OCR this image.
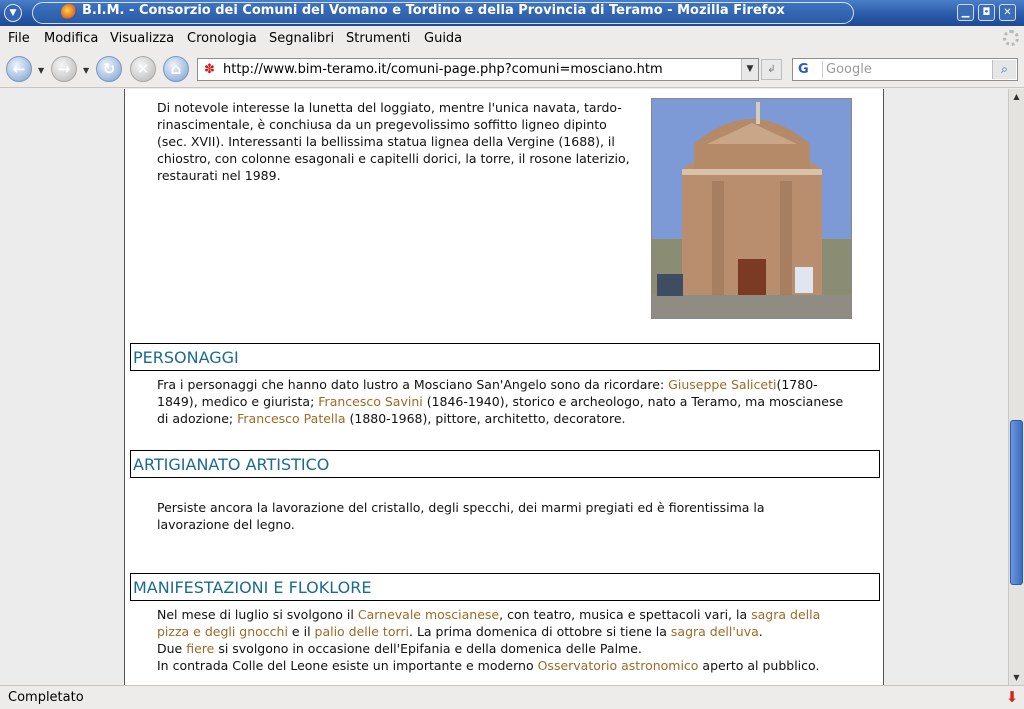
▼	B.I.M. - Consorzio dei Comuni del Vomano e Tordino e della Provincia di Teramo - Mozilla Firefox	▁	◘	✕
File Modifica Visualizza Cronologia Segnalibri Strumenti Guida
←	▼ →	▼ ↻	✕	⌂	✽ http://www.bim-teramo.it/comuni-page.php?comuni=mosciano.htm	▼	↲	G
Google	⌕
Di notevole interesse la lunetta del loggiato, mentre l'unica navata, tardo-rinascimentale, è conchiusa da un pregevolissimo soffitto ligneo dipinto (sec. XVII). Interessanti la bellissima statua lignea della Vergine (1688), il chiostro, con colonne esagonali e capitelli dorici, la torre, il rosone laterizio, restaurati nel 1989.
PERSONAGGI
Fra i personaggi che hanno dato lustro a Mosciano San'Angelo sono da ricordare: Giuseppe Saliceti(1780-1849), medico e giurista; Francesco Savini (1846-1940), storico e archeologo, nato a Teramo, ma moscianese di adozione; Francesco Patella (1880-1968), pittore, architetto, decoratore.
ARTIGIANATO ARTISTICO
Persiste ancora la lavorazione del cristallo, degli specchi, dei marmi pregiati ed è fiorentissima la lavorazione del legno.
MANIFESTAZIONI E FLOKLORE
Nel mese di luglio si svolgono il Carnevale moscianese, con teatro, musica e spettacoli vari, la sagra della pizza e degli gnocchi e il palio delle torri. La prima domenica di ottobre si tiene la sagra dell'uva.
Due fiere si svolgono in occasione dell'Epifania e della domenica delle Palme.
In contrada Colle del Leone esiste un importante e moderno Osservatorio astronomico aperto al pubblico.
▲
▼
Completato	⬇
